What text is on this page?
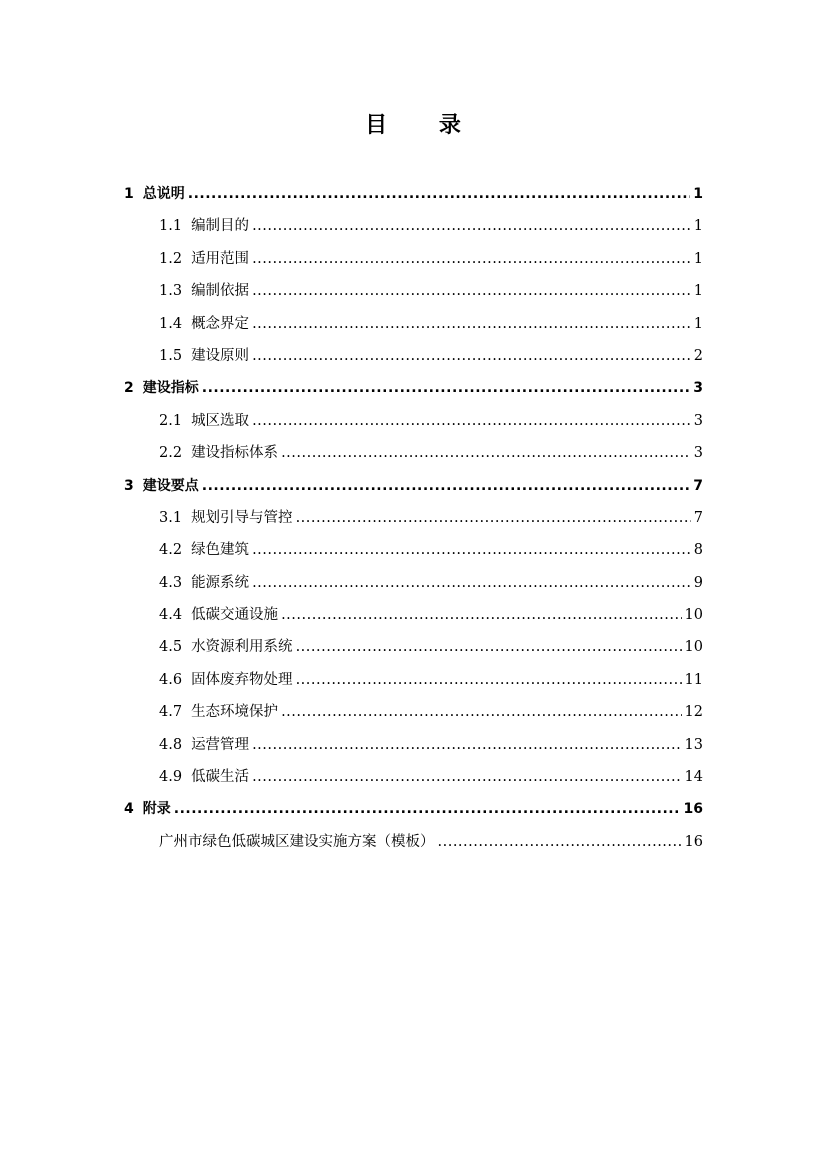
目 录
1 总说明 .....	1
1.1 编制目的 .....	1
1.2 适用范围 .....	1
1.3 编制依据 .....	1
1.4 概念界定 .....	1
1.5 建设原则 .....	2
2 建设指标 .....	3
2.1 城区选取 .....	3
2.2 建设指标体系 .....	3
3 建设要点 .....	7
3.1 规划引导与管控 .....	7
4.2 绿色建筑 .....	8
4.3 能源系统 .....	9
4.4 低碳交通设施 .....	10
4.5 水资源利用系统 .....	10
4.6 固体废弃物处理 .....	11
4.7 生态环境保护 .....	12
4.8 运营管理 .....	13
4.9 低碳生活 .....	14
4 附录 .....	16
广州市绿色低碳城区建设实施方案（模板） .....	16
